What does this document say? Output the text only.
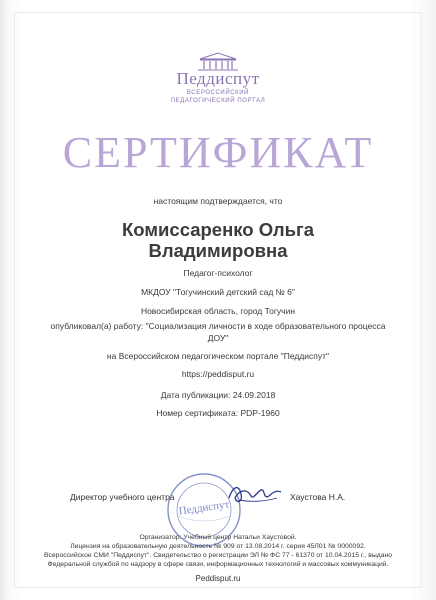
Педдиспут
ВСЕРОССИЙСКИЙ
ПЕДАГОГИЧЕСКИЙ ПОРТАЛ
СЕРТИФИКАТ
настоящим подтверждается, что
Комиссаренко Ольга
Владимировна
Педагог-психолог
МКДОУ "Тогучинский детский сад № 6"
Новосибирская область, город Тогучин
опубликовал(а) работу: "Социализация личности в ходе образовательного процесса
ДОУ"
на Всероссийском педагогическом портале "Педдиспут"
https://peddisput.ru
Дата публикации: 24.09.2018
Номер сертификата: PDP-1960
Директор учебного центра
Педдиспут
Хаустова Н.А.
Организатор: Учебный центр Натальи Хаустовой.
Лицензия на образовательную деятельность № 909 от 13.08.2014 г. серия 45Л01 № 0000092.
Всероссийское СМИ "Педдиспут". Свидетельство о регистрации ЭЛ № ФС 77 - 61370 от 10.04.2015 г., выдано
Федеральной службой по надзору в сфере связи, информационных технологий и массовых коммуникаций.
Peddisput.ru
